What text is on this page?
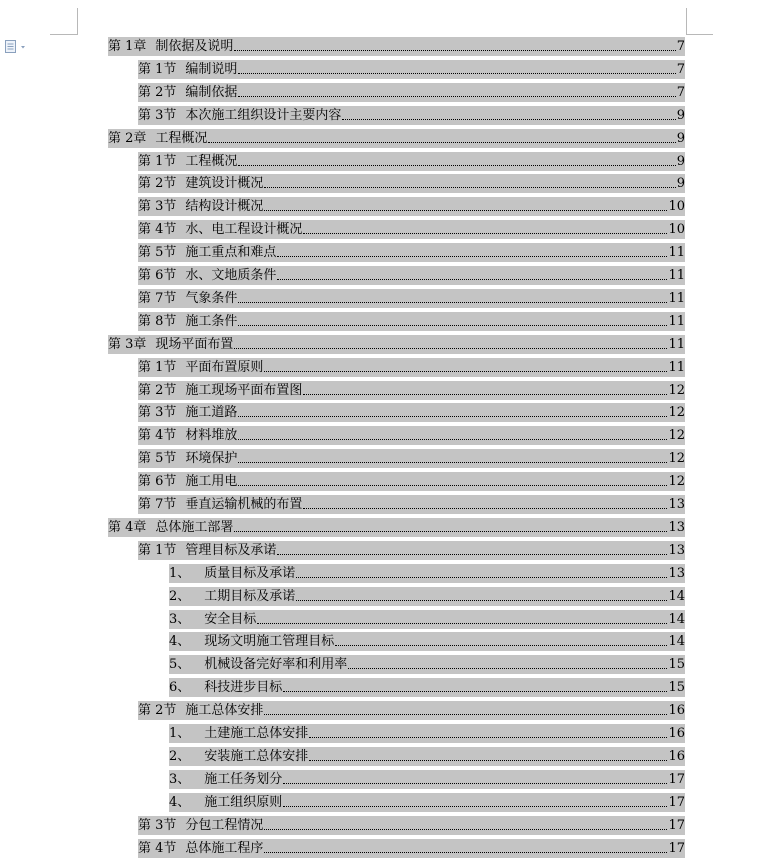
第 1章 制依据及说明	7
第 1节 编制说明	7
第 2节 编制依据	7
第 3节 本次施工组织设计主要内容	9
第 2章 工程概况	9
第 1节 工程概况	9
第 2节 建筑设计概况	9
第 3节 结构设计概况	10
第 4节 水、电工程设计概况	10
第 5节 施工重点和难点	11
第 6节 水、文地质条件	11
第 7节 气象条件	11
第 8节 施工条件	11
第 3章 现场平面布置	11
第 1节 平面布置原则	11
第 2节 施工现场平面布置图	12
第 3节 施工道路	12
第 4节 材料堆放	12
第 5节 环境保护	12
第 6节 施工用电	12
第 7节 垂直运输机械的布置	13
第 4章 总体施工部署	13
第 1节 管理目标及承诺	13
1、 质量目标及承诺	13
2、 工期目标及承诺	14
3、 安全目标	14
4、 现场文明施工管理目标	14
5、 机械设备完好率和利用率	15
6、 科技进步目标	15
第 2节 施工总体安排	16
1、 土建施工总体安排	16
2、 安装施工总体安排	16
3、 施工任务划分	17
4、 施工组织原则	17
第 3节 分包工程情况	17
第 4节 总体施工程序	17
